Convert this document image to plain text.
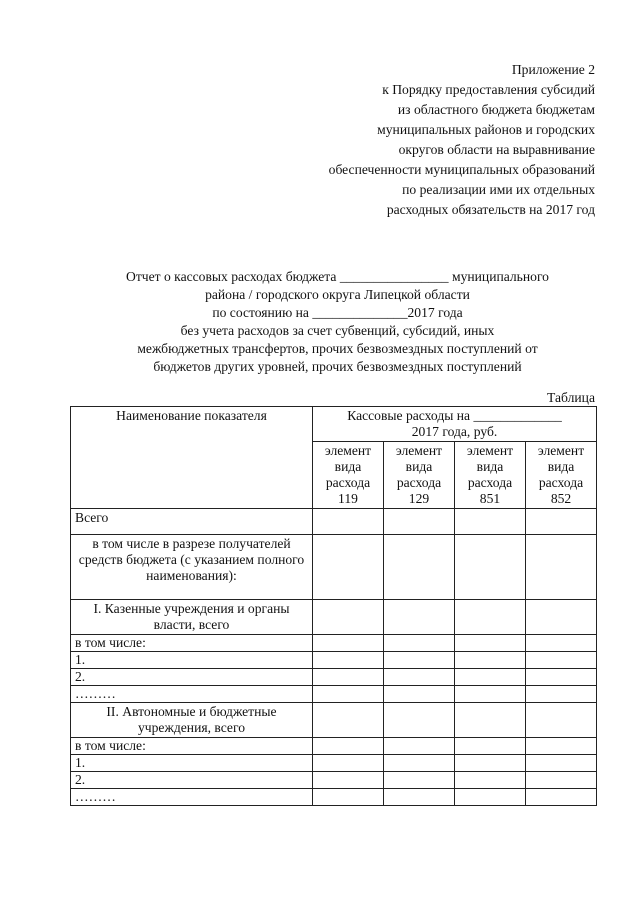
Приложение 2
к Порядку предоставления субсидий
из областного бюджета бюджетам
муниципальных районов и городских
округов области на выравнивание
обеспеченности муниципальных образований
по реализации ими их отдельных
расходных обязательств на 2017 год
Отчет о кассовых расходах бюджета ________________ муниципального
района / городского округа Липецкой области
по состоянию на ______________2017 года
без учета расходов за счет субвенций, субсидий, иных
межбюджетных трансфертов, прочих безвозмездных поступлений от
бюджетов других уровней, прочих безвозмездных поступлений
Таблица
Наименование показателя	Кассовые расходы на _____________
2017 года, руб.			

	элемент вида расхода 119	элемент вида расхода 129	элемент вида расхода 851	элемент вида расхода 852
Всего				
в том числе в разрезе получателей средств бюджета (с указанием полного наименования):				
I. Казенные учреждения и органы власти, всего				
в том числе:				
1.				
2.				
………				
II. Автономные и бюджетные учреждения, всего				
в том числе:				
1.				
2.				
………				
